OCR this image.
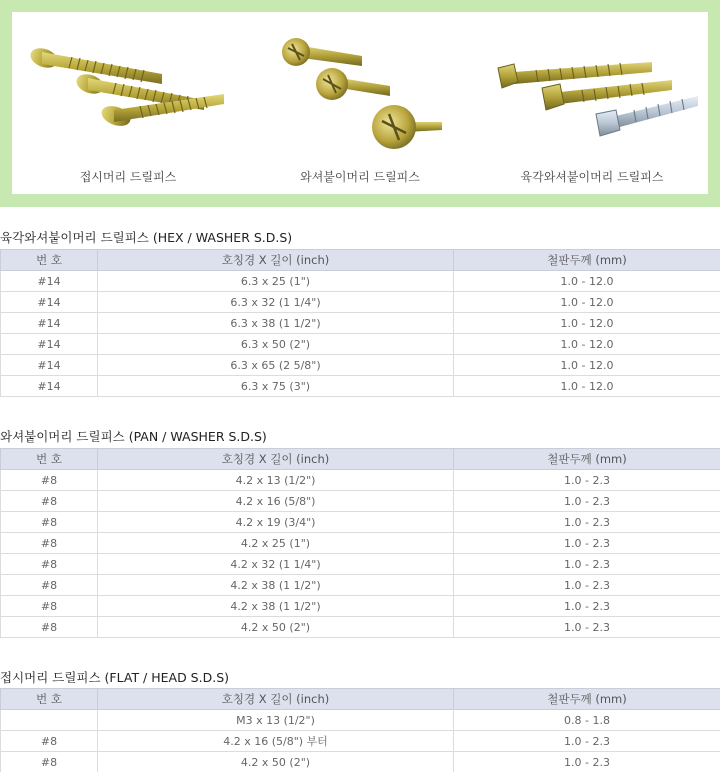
접시머리 드릴피스	와셔붙이머리 드릴피스	육각와셔붙이머리 드릴피스
육각와셔붙이머리 드릴피스 (HEX / WASHER S.D.S)
번 호	호칭경 X 길이 (inch)	철판두께 (mm)
#14	6.3 x 25 (1")	1.0 - 12.0
#14	6.3 x 32 (1 1/4")	1.0 - 12.0
#14	6.3 x 38 (1 1/2")	1.0 - 12.0
#14	6.3 x 50 (2")	1.0 - 12.0
#14	6.3 x 65 (2 5/8")	1.0 - 12.0
#14	6.3 x 75 (3")	1.0 - 12.0
와셔붙이머리 드릴피스 (PAN / WASHER S.D.S)
번 호	호칭경 X 길이 (inch)	철판두께 (mm)
#8	4.2 x 13 (1/2")	1.0 - 2.3
#8	4.2 x 16 (5/8")	1.0 - 2.3
#8	4.2 x 19 (3/4")	1.0 - 2.3
#8	4.2 x 25 (1")	1.0 - 2.3
#8	4.2 x 32 (1 1/4")	1.0 - 2.3
#8	4.2 x 38 (1 1/2")	1.0 - 2.3
#8	4.2 x 38 (1 1/2")	1.0 - 2.3
#8	4.2 x 50 (2")	1.0 - 2.3
접시머리 드릴피스 (FLAT / HEAD S.D.S)
번 호	호칭경 X 길이 (inch)	철판두께 (mm)
	M3 x 13 (1/2")	0.8 - 1.8
#8	4.2 x 16 (5/8") 부터	1.0 - 2.3
#8	4.2 x 50 (2")	1.0 - 2.3
